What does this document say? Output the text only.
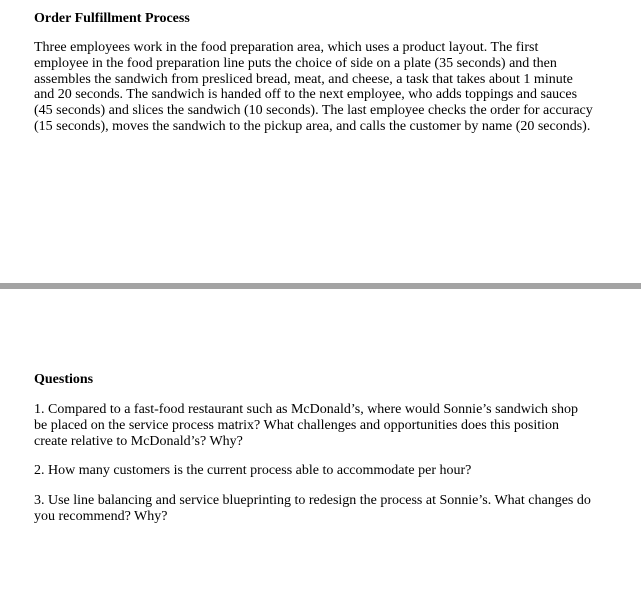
Order Fulfillment Process

Three employees work in the food preparation area, which uses a product layout. The first employee in the food preparation line puts the choice of side on a plate (35 seconds) and then assembles the sandwich from presliced bread, meat, and cheese, a task that takes about 1 minute and 20 seconds. The sandwich is handed off to the next employee, who adds toppings and sauces (45 seconds) and slices the sandwich (10 seconds). The last employee checks the order for accuracy (15 seconds), moves the sandwich to the pickup area, and calls the customer by name (20 seconds).

Questions

1. Compared to a fast-food restaurant such as McDonald’s, where would Sonnie’s sandwich shop be placed on the service process matrix? What challenges and opportunities does this position create relative to McDonald’s? Why?

2. How many customers is the current process able to accommodate per hour?

3. Use line balancing and service blueprinting to redesign the process at Sonnie’s. What changes do you recommend? Why?
